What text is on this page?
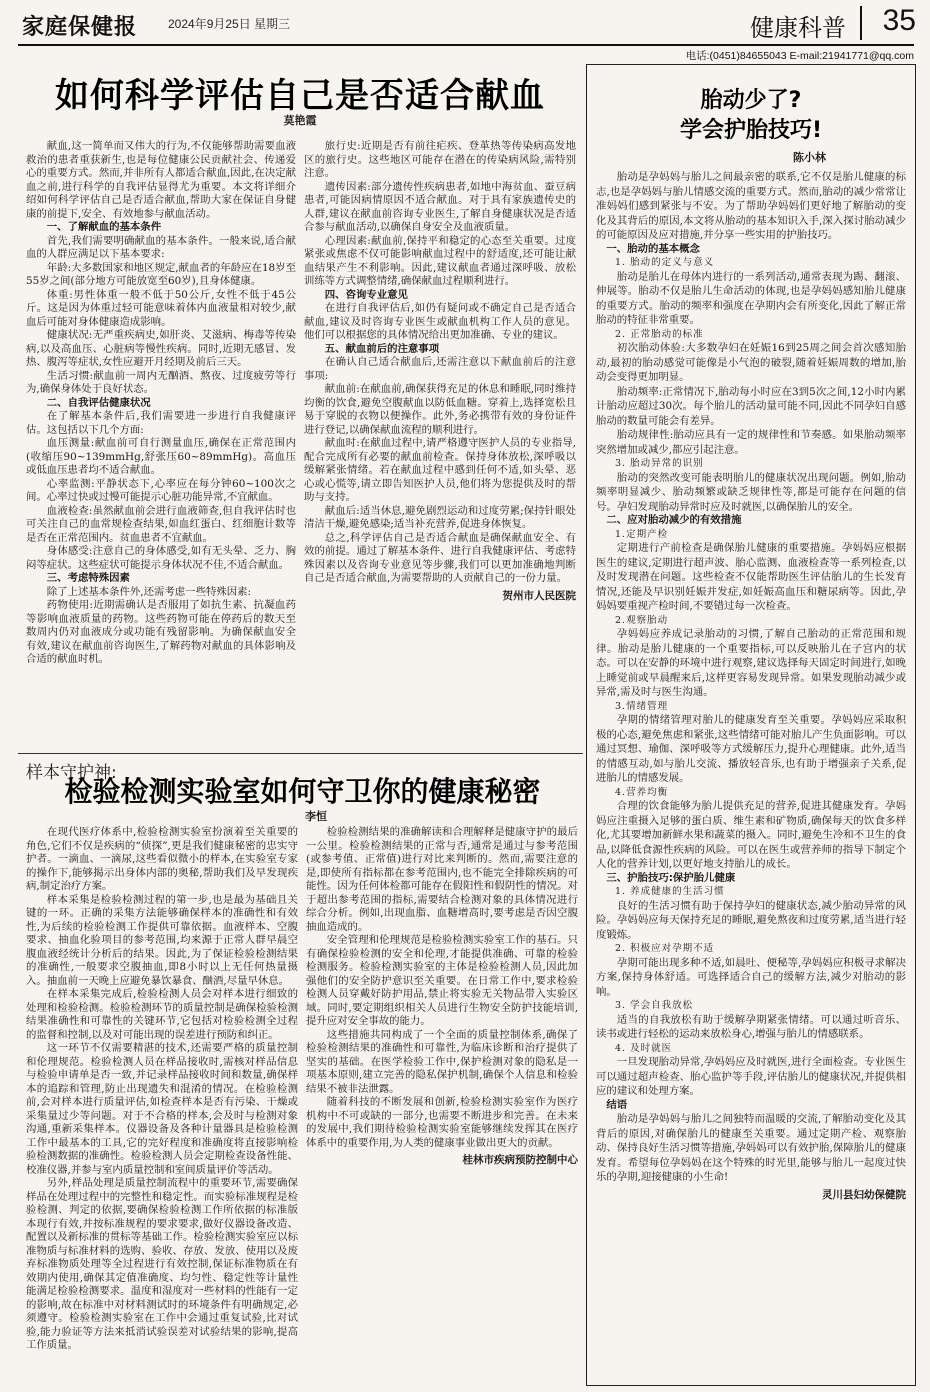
家庭保健报	2024年9月25日 星期三	健康科普 35
电话:(0451)84655043 E-mail:21941771@qq.com
如何科学评估自己是否适合献血
莫艳霞

献血,这一简单而又伟大的行为,不仅能够帮助需要血液救治的患者重获新生,也是每位健康公民贡献社会、传递爱心的重要方式。然而,并非所有人都适合献血,因此,在决定献血之前,进行科学的自我评估显得尤为重要。本文将详细介绍如何科学评估自己是否适合献血,帮助大家在保证自身健康的前提下,安全、有效地参与献血活动。

一、了解献血的基本条件

首先,我们需要明确献血的基本条件。一般来说,适合献血的人群应满足以下基本要求:

年龄:大多数国家和地区规定,献血者的年龄应在18岁至55岁之间(部分地方可能放宽至60岁),且身体健康。

体重:男性体重一般不低于50公斤,女性不低于45公斤。这是因为体重过轻可能意味着体内血液量相对较少,献血后可能对身体健康造成影响。

健康状况:无严重疾病史,如肝炎、艾滋病、梅毒等传染病,以及高血压、心脏病等慢性疾病。同时,近期无感冒、发热、腹泻等症状,女性应避开月经期及前后三天。

生活习惯:献血前一周内无酗酒、熬夜、过度疲劳等行为,确保身体处于良好状态。

二、自我评估健康状况

在了解基本条件后,我们需要进一步进行自我健康评估。这包括以下几个方面:

血压测量:献血前可自行测量血压,确保在正常范围内(收缩压90~139mmHg,舒张压60~89mmHg)。高血压或低血压患者均不适合献血。

心率监测:平静状态下,心率应在每分钟60~100次之间。心率过快或过慢可能提示心脏功能异常,不宜献血。

血液检查:虽然献血前会进行血液筛查,但自我评估时也可关注自己的血常规检查结果,如血红蛋白、红细胞计数等是否在正常范围内。贫血患者不宜献血。

身体感受:注意自己的身体感受,如有无头晕、乏力、胸闷等症状。这些症状可能提示身体状况不佳,不适合献血。

三、考虑特殊因素

除了上述基本条件外,还需考虑一些特殊因素:

药物使用:近期需确认是否服用了如抗生素、抗凝血药等影响血液质量的药物。这些药物可能在停药后的数天至数周内仍对血液成分或功能有残留影响。为确保献血安全有效,建议在献血前咨询医生,了解药物对献血的具体影响及合适的献血时机。

旅行史:近期是否有前往疟疾、登革热等传染病高发地区的旅行史。这些地区可能存在潜在的传染病风险,需特别注意。

遗传因素:部分遗传性疾病患者,如地中海贫血、蚕豆病患者,可能因病情原因不适合献血。对于具有家族遗传史的人群,建议在献血前咨询专业医生,了解自身健康状况是否适合参与献血活动,以确保自身安全及血液质量。

心理因素:献血前,保持平和稳定的心态至关重要。过度紧张或焦虑不仅可能影响献血过程中的舒适度,还可能让献血结果产生不利影响。因此,建议献血者通过深呼吸、放松训练等方式调整情绪,确保献血过程顺利进行。

四、咨询专业意见

在进行自我评估后,如仍有疑问或不确定自己是否适合献血,建议及时咨询专业医生或献血机构工作人员的意见。他们可以根据您的具体情况给出更加准确、专业的建议。

五、献血前后的注意事项

在确认自己适合献血后,还需注意以下献血前后的注意事项:

献血前:在献血前,确保获得充足的休息和睡眠,同时维持均衡的饮食,避免空腹献血以防低血糖。穿着上,选择宽松且易于穿脱的衣物以便操作。此外,务必携带有效的身份证件进行登记,以确保献血流程的顺利进行。

献血时:在献血过程中,请严格遵守医护人员的专业指导,配合完成所有必要的献血前检查。保持身体放松,深呼吸以缓解紧张情绪。若在献血过程中感到任何不适,如头晕、恶心或心慌等,请立即告知医护人员,他们将为您提供及时的帮助与支持。

献血后:适当休息,避免剧烈运动和过度劳累;保持针眼处清洁干燥,避免感染;适当补充营养,促进身体恢复。

总之,科学评估自己是否适合献血是确保献血安全、有效的前提。通过了解基本条件、进行自我健康评估、考虑特殊因素以及咨询专业意见等步骤,我们可以更加准确地判断自己是否适合献血,为需要帮助的人贡献自己的一份力量。

贺州市人民医院
样本守护神:
检验检测实验室如何守卫你的健康秘密
李恒

在现代医疗体系中,检验检测实验室扮演着至关重要的角色,它们不仅是疾病的“侦探”,更是我们健康秘密的忠实守护者。一滴血、一滴尿,这些看似微小的样本,在实验室专家的操作下,能够揭示出身体内部的奥秘,帮助我们及早发现疾病,制定治疗方案。

样本采集是检验检测过程的第一步,也是最为基础且关键的一环。正确的采集方法能够确保样本的准确性和有效性,为后续的检验检测工作提供可靠依据。血液样本、空腹要求、抽血化验项目的参考范围,均来源于正常人群早晨空腹血液经统计分析后的结果。因此,为了保证检验检测结果的准确性,一般要求空腹抽血,即8小时以上无任何热量摄入。抽血前一天晚上应避免暴饮暴食、酗酒,尽量早休息。

在样本采集完成后,检验检测人员会对样本进行细致的处理和检验检测。检验检测环节的质量控制是确保检验检测结果准确性和可靠性的关键环节,它包括对检验检测全过程的监督和控制,以及对可能出现的误差进行预防和纠正。

这一环节不仅需要精湛的技术,还需要严格的质量控制和伦理规范。检验检测人员在样品接收时,需核对样品信息与检验申请单是否一致,并记录样品接收时间和数量,确保样本的追踪和管理,防止出现遗失和混淆的情况。在检验检测前,会对样本进行质量评估,如检查样本是否有污染、干燥或采集量过少等问题。对于不合格的样本,会及时与检测对象沟通,重新采集样本。仪器设备及各种计量器具是检验检测工作中最基本的工具,它的完好程度和准确度将直接影响检验检测数据的准确性。检验检测人员会定期检查设备性能、校准仪器,并参与室内质量控制和室间质量评价等活动。

另外,样品处理是质量控制流程中的重要环节,需要确保样品在处理过程中的完整性和稳定性。而实验标准规程是检验检测、判定的依据,要确保检验检测工作所依据的标准版本现行有效,并按标准规程的要求要求,做好仪器设备改造、配置以及新标准的贯标等基础工作。检验检测实验室应以标准物质与标准材料的选购、验收、存放、发放、使用以及废弃标准物质处理等全过程进行有效控制,保证标准物质在有效期内使用,确保其定值准确度、均匀性、稳定性等计量性能满足检验检测要求。温度和湿度对一些材料的性能有一定的影响,故在标准中对材料测试时的环境条件有明确规定,必须遵守。检验检测实验室在工作中会通过重复试验,比对试验,能力验证等方法来抵消试验误差对试验结果的影响,提高工作质量。

检验检测结果的准确解读和合理解释是健康守护的最后一公里。检验检测结果的正常与否,通常是通过与参考范围(或参考值、正常值)进行对比来判断的。然而,需要注意的是,即使所有指标都在参考范围内,也不能完全排除疾病的可能性。因为任何体检都可能存在假阳性和假阴性的情况。对于超出参考范围的指标,需要结合检测对象的具体情况进行综合分析。例如,出现血脂、血糖增高时,要考虑是否因空腹抽血造成的。

安全管理和伦理规范是检验检测实验室工作的基石。只有确保检验检测的安全和伦理,才能提供准确、可靠的检验检测服务。检验检测实验室的主体是检验检测人员,因此加强他们的安全防护意识至关重要。在日常工作中,要求检验检测人员穿戴好防护用品,禁止将实验无关物品带入实验区域。同时,要定期组织相关人员进行生物安全防护技能培训,提升应对安全事故的能力。

这些措施共同构成了一个全面的质量控制体系,确保了检验检测结果的准确性和可靠性,为临床诊断和治疗提供了坚实的基础。在医学检验工作中,保护检测对象的隐私是一项基本原则,建立完善的隐私保护机制,确保个人信息和检验结果不被非法泄露。

随着科技的不断发展和创新,检验检测实验室作为医疗机构中不可或缺的一部分,也需要不断进步和完善。在未来的发展中,我们期待检验检测实验室能够继续发挥其在医疗体系中的重要作用,为人类的健康事业做出更大的贡献。

桂林市疾病预防控制中心
胎动少了?
学会护胎技巧!
陈小林

胎动是孕妈妈与胎儿之间最亲密的联系,它不仅是胎儿健康的标志,也是孕妈妈与胎儿情感交流的重要方式。然而,胎动的减少常常让准妈妈们感到紧张与不安。为了帮助孕妈妈们更好地了解胎动的变化及其背后的原因,本文将从胎动的基本知识入手,深入探讨胎动减少的可能原因及应对措施,并分享一些实用的护胎技巧。

一、胎动的基本概念
1. 胎动的定义与意义

胎动是胎儿在母体内进行的一系列活动,通常表现为踢、翻滚、伸展等。胎动不仅是胎儿生命活动的体现,也是孕妈妈感知胎儿健康的重要方式。胎动的频率和强度在孕期内会有所变化,因此了解正常胎动的特征非常重要。

2. 正常胎动的标准

初次胎动体验:大多数孕妇在妊娠16到25周之间会首次感知胎动,最初的胎动感觉可能像是小气泡的破裂,随着妊娠周数的增加,胎动会变得更加明显。

胎动频率:正常情况下,胎动每小时应在3到5次之间,12小时内累计胎动应超过30次。每个胎儿的活动量可能不同,因此不同孕妇自感胎动的数量可能会有差异。

胎动规律性:胎动应具有一定的规律性和节奏感。如果胎动频率突然增加或减少,都应引起注意。

3. 胎动异常的识别

胎动的突然改变可能表明胎儿的健康状况出现问题。例如,胎动频率明显减少、胎动频繁或缺乏规律性等,都是可能存在问题的信号。孕妇发现胎动异常时应及时就医,以确保胎儿的安全。

二、应对胎动减少的有效措施
1.定期产检

定期进行产前检查是确保胎儿健康的重要措施。孕妈妈应根据医生的建议,定期进行超声波、胎心监测、血液检查等一系列检查,以及时发现潜在问题。这些检查不仅能帮助医生评估胎儿的生长发育情况,还能及早识别妊娠并发症,如妊娠高血压和糖尿病等。因此,孕妈妈要重视产检时间,不要错过每一次检查。

2.观察胎动

孕妈妈应养成记录胎动的习惯,了解自己胎动的正常范围和规律。胎动是胎儿健康的一个重要指标,可以反映胎儿在子宫内的状态。可以在安静的环境中进行观察,建议选择每天固定时间进行,如晚上睡觉前或早晨醒来后,这样更容易发现异常。如果发现胎动减少或异常,需及时与医生沟通。

3.情绪管理

孕期的情绪管理对胎儿的健康发育至关重要。孕妈妈应采取积极的心态,避免焦虑和紧张,这些情绪可能对胎儿产生负面影响。可以通过冥想、瑜伽、深呼吸等方式缓解压力,提升心理健康。此外,适当的情感互动,如与胎儿交流、播放轻音乐,也有助于增强亲子关系,促进胎儿的情感发展。

4.营养均衡

合理的饮食能够为胎儿提供充足的营养,促进其健康发育。孕妈妈应注重摄入足够的蛋白质、维生素和矿物质,确保每天的饮食多样化,尤其要增加新鲜水果和蔬菜的摄入。同时,避免生冷和不卫生的食品,以降低食源性疾病的风险。可以在医生或营养师的指导下制定个人化的营养计划,以更好地支持胎儿的成长。

三、护胎技巧:保护胎儿健康
1. 养成健康的生活习惯

良好的生活习惯有助于保持孕妇的健康状态,减少胎动异常的风险。孕妈妈应每天保持充足的睡眠,避免熬夜和过度劳累,适当进行轻度锻炼。

2. 积极应对孕期不适

孕期可能出现多种不适,如晨吐、便秘等,孕妈妈应积极寻求解决方案,保持身体舒适。可选择适合自己的缓解方法,减少对胎动的影响。

3. 学会自我放松

适当的自我放松有助于缓解孕期紧张情绪。可以通过听音乐、读书或进行轻松的运动来放松身心,增强与胎儿的情感联系。

4. 及时就医

一旦发现胎动异常,孕妈妈应及时就医,进行全面检查。专业医生可以通过超声检查、胎心监护等手段,评估胎儿的健康状况,并提供相应的建议和处理方案。

结语

胎动是孕妈妈与胎儿之间独特而温暖的交流,了解胎动变化及其背后的原因,对确保胎儿的健康至关重要。通过定期产检、观察胎动、保持良好生活习惯等措施,孕妈妈可以有效护胎,保障胎儿的健康发育。希望每位孕妈妈在这个特殊的时光里,能够与胎儿一起度过快乐的孕期,迎接健康的小生命!

灵川县妇幼保健院
